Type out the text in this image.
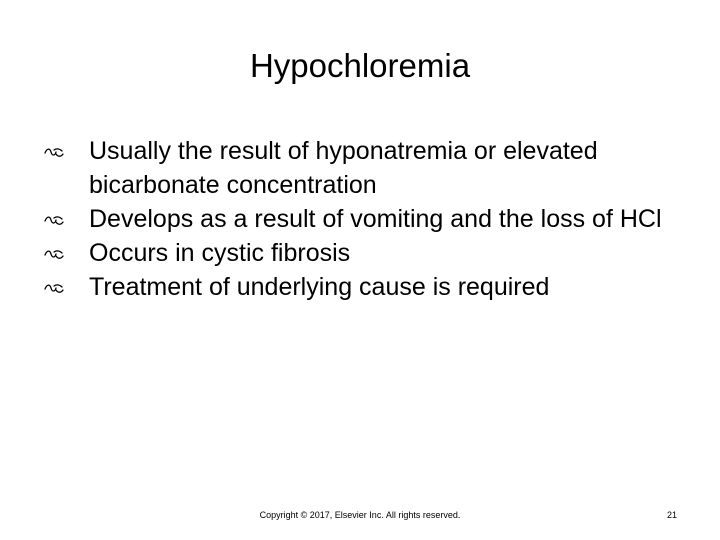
Hypochloremia
Usually the result of hyponatremia or elevated bicarbonate concentration
Develops as a result of vomiting and the loss of HCl
Occurs in cystic fibrosis
Treatment of underlying cause is required
Copyright © 2017, Elsevier Inc. All rights reserved.	21
